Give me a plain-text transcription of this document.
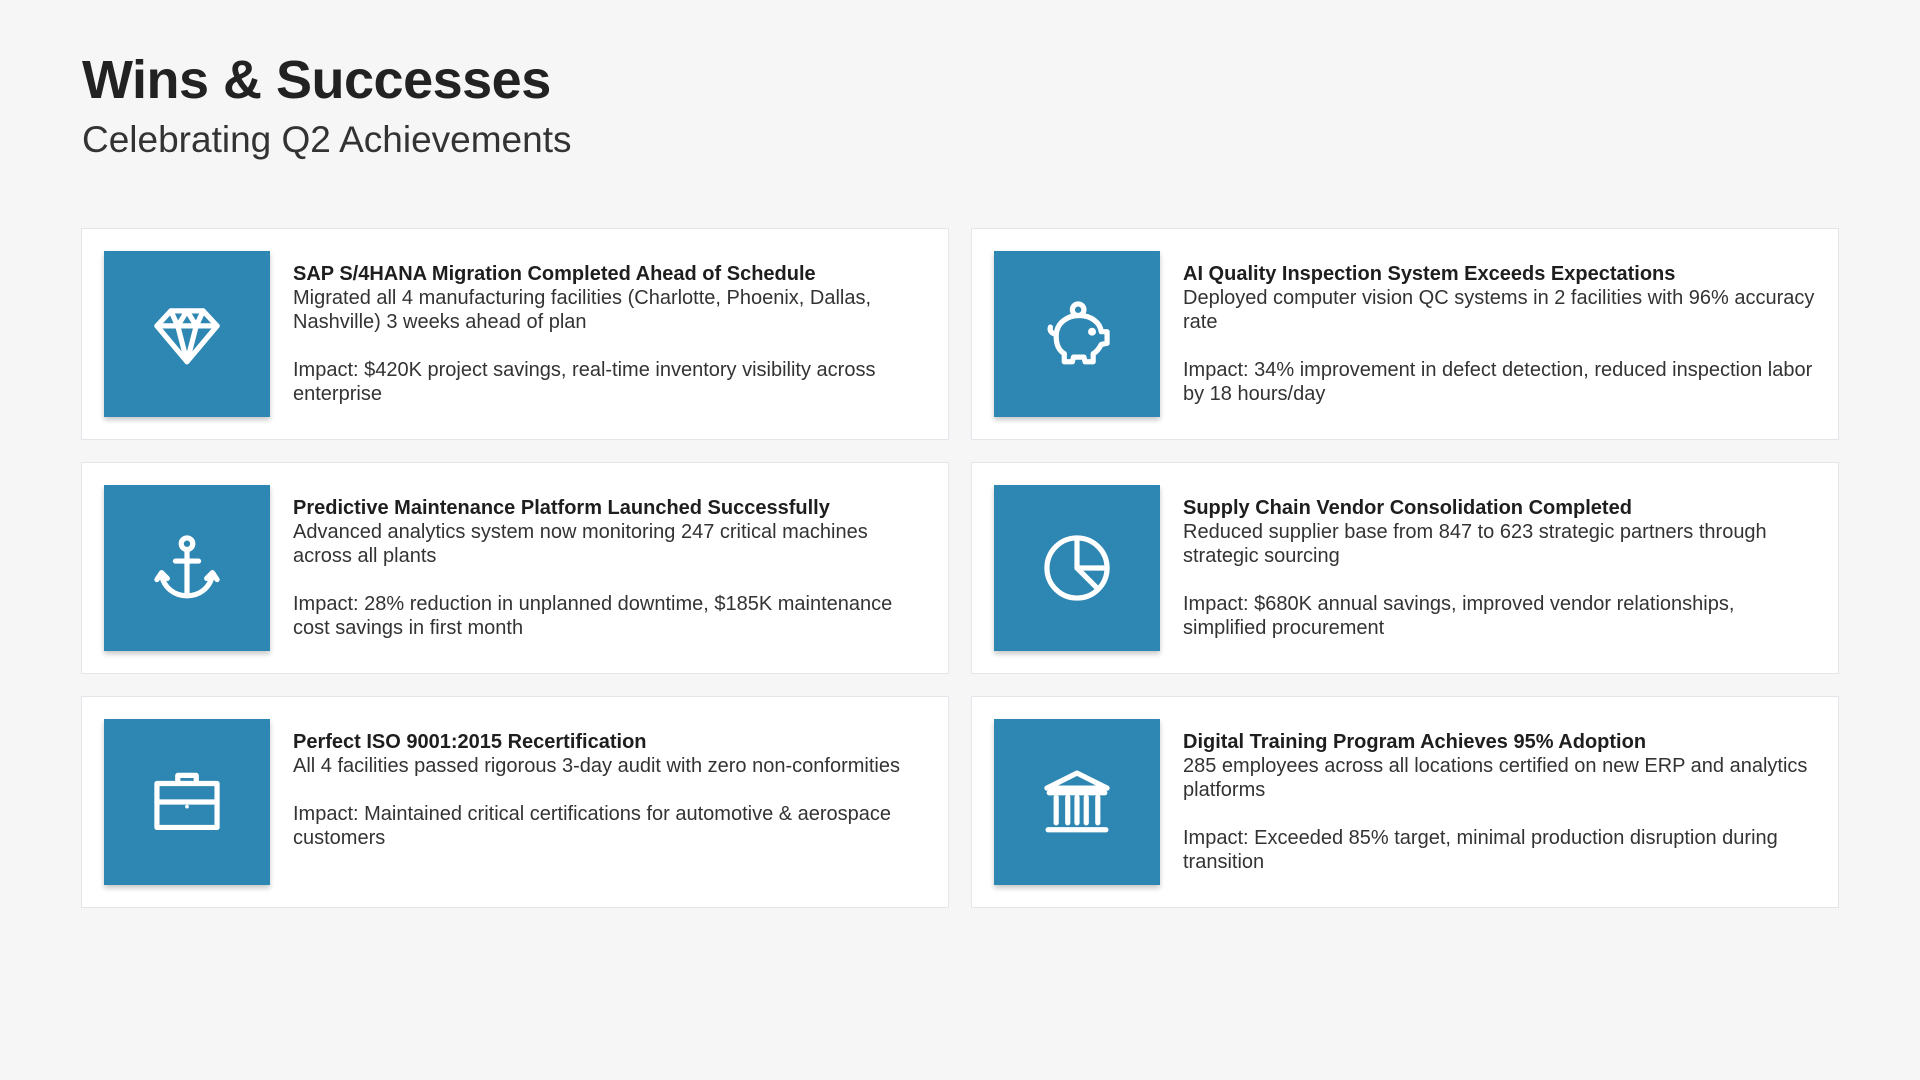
Wins & Successes
Celebrating Q2 Achievements
SAP S/4HANA Migration Completed Ahead of Schedule
Migrated all 4 manufacturing facilities (Charlotte, Phoenix, Dallas, Nashville) 3 weeks ahead of plan
Impact: $420K project savings, real-time inventory visibility across enterprise
AI Quality Inspection System Exceeds Expectations
Deployed computer vision QC systems in 2 facilities with 96% accuracy rate
Impact: 34% improvement in defect detection, reduced inspection labor by 18 hours/day
Predictive Maintenance Platform Launched Successfully
Advanced analytics system now monitoring 247 critical machines across all plants
Impact: 28% reduction in unplanned downtime, $185K maintenance cost savings in first month
Supply Chain Vendor Consolidation Completed
Reduced supplier base from 847 to 623 strategic partners through strategic sourcing
Impact: $680K annual savings, improved vendor relationships, simplified procurement
Perfect ISO 9001:2015 Recertification
All 4 facilities passed rigorous 3-day audit with zero non-conformities
Impact: Maintained critical certifications for automotive & aerospace customers
Digital Training Program Achieves 95% Adoption
285 employees across all locations certified on new ERP and analytics platforms
Impact: Exceeded 85% target, minimal production disruption during transition
